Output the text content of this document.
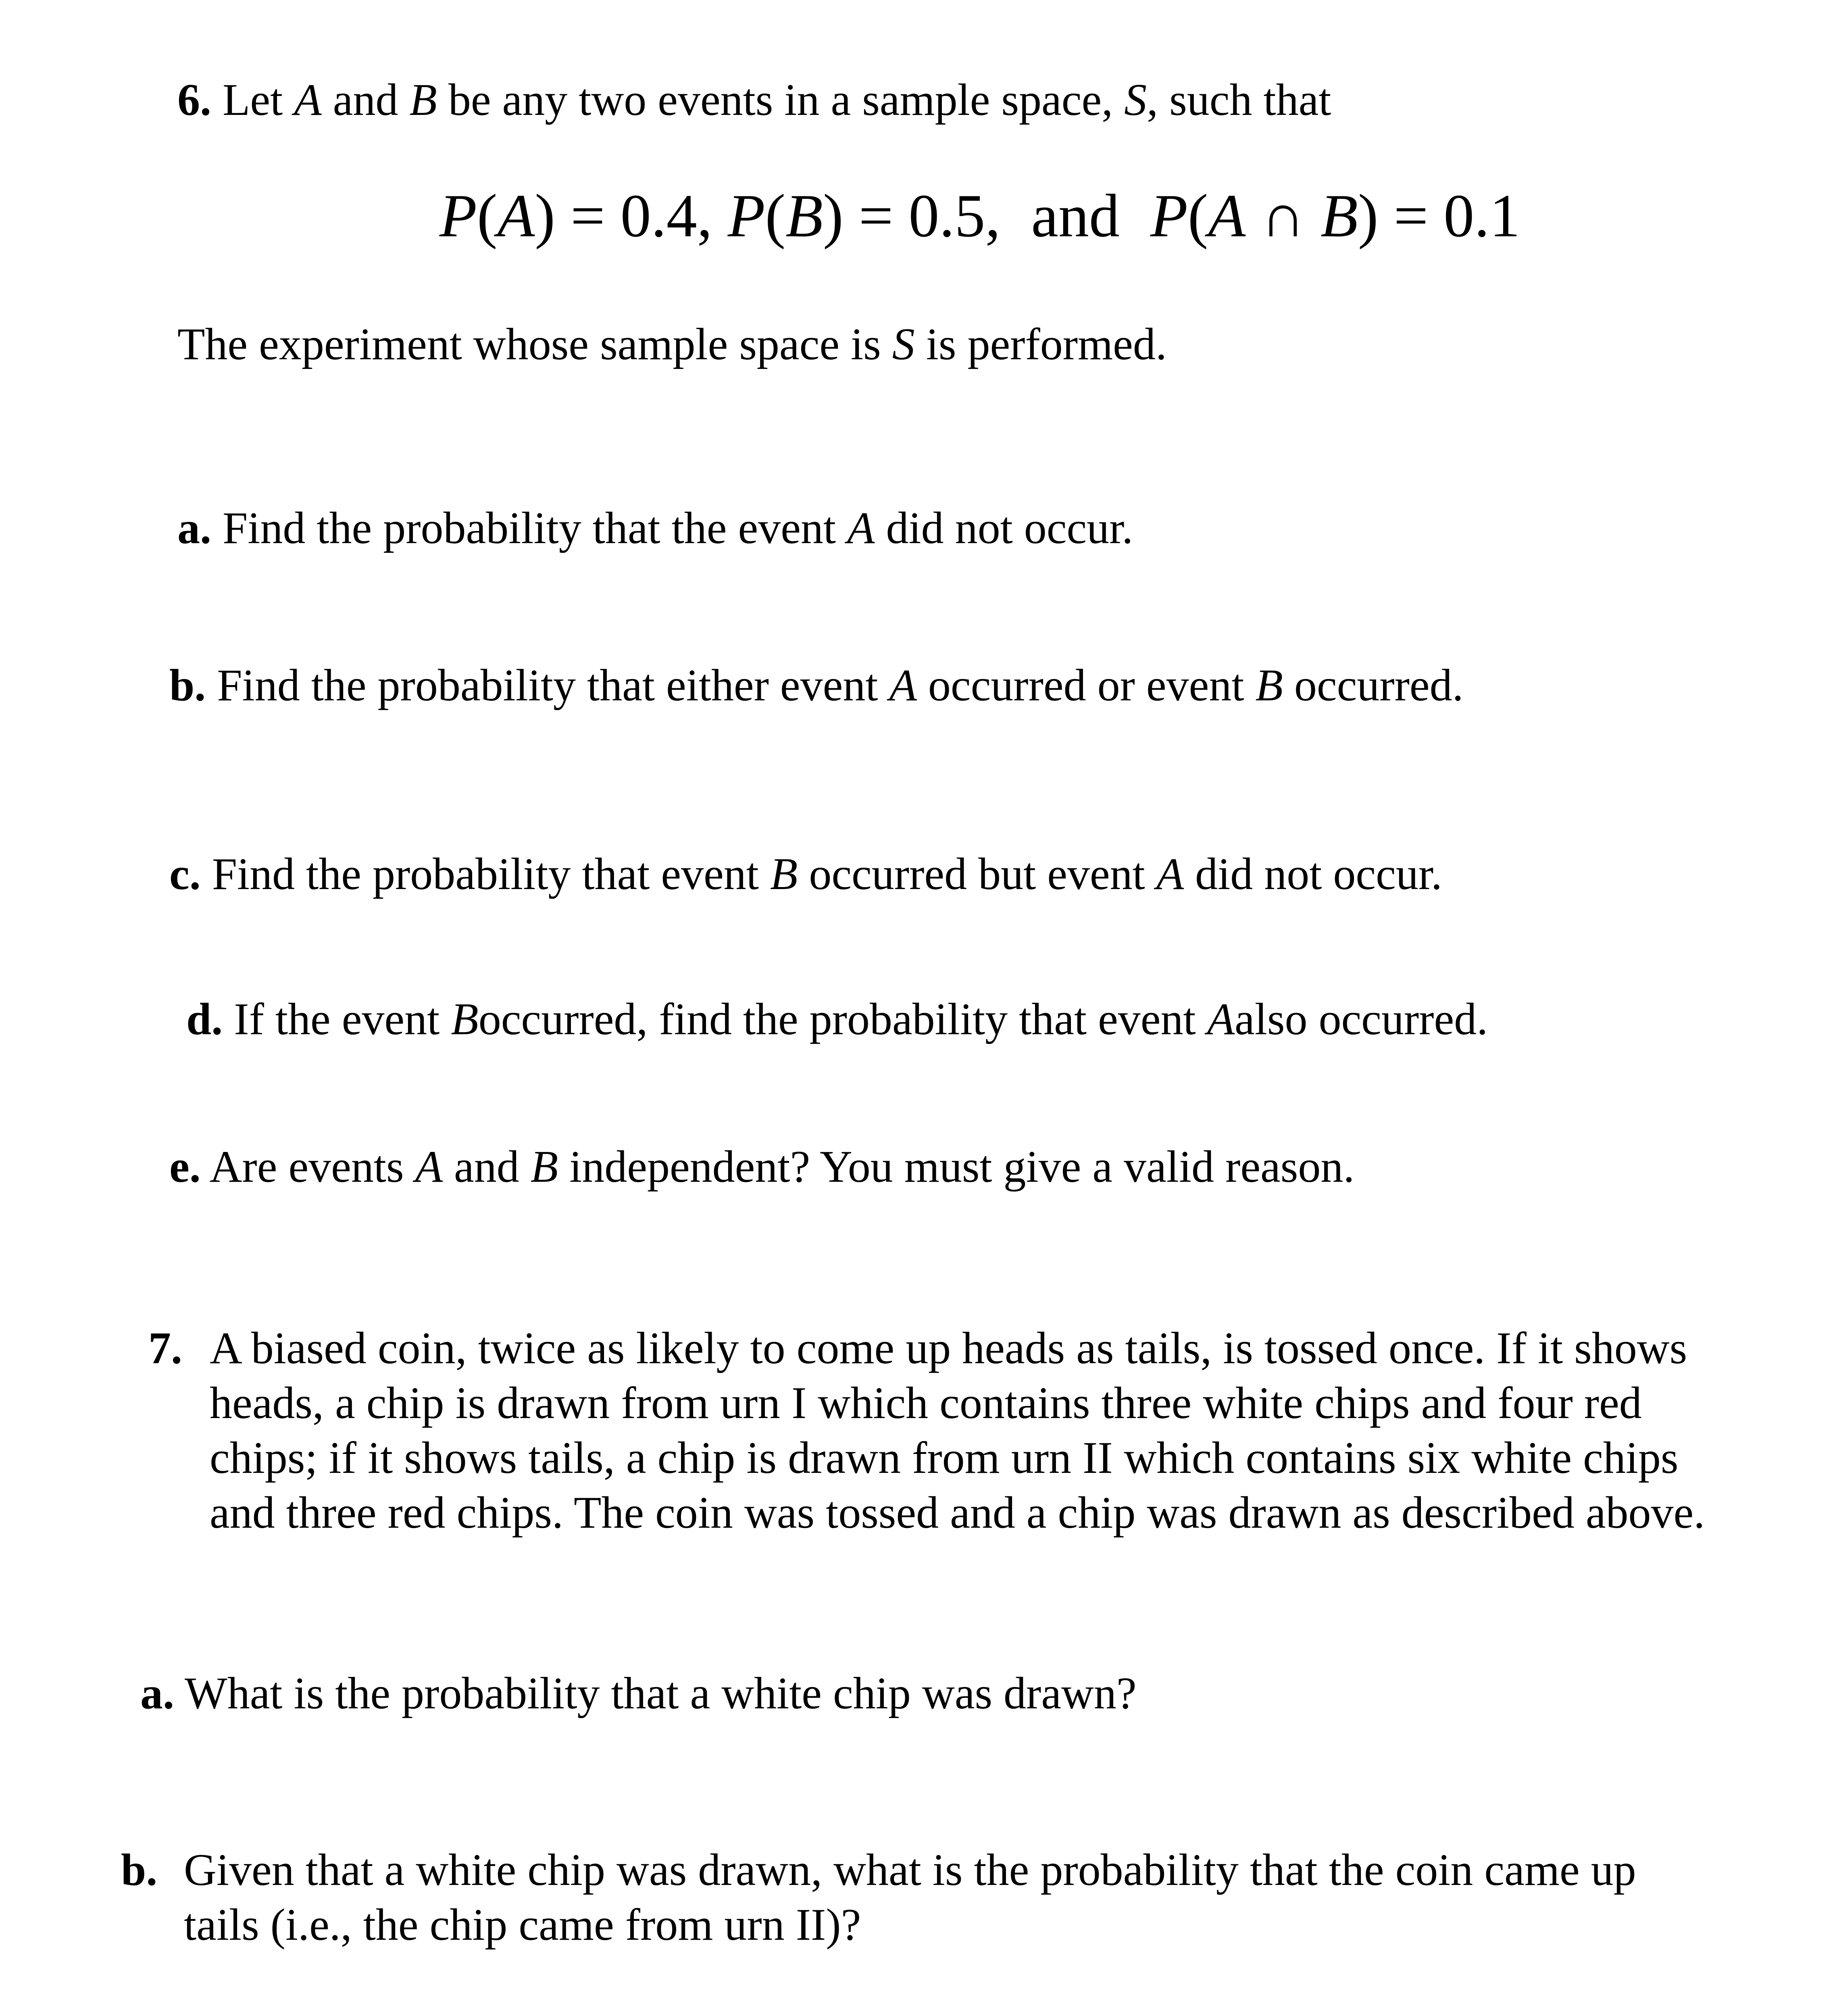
6. Let A and B be any two events in a sample space, S, such that
P(A) = 0.4, P(B) = 0.5,  and P(A ∩ B) = 0.1
The experiment whose sample space is S is performed.
a. Find the probability that the event A did not occur.
b. Find the probability that either event A occurred or event B occurred.
c. Find the probability that event B occurred but event A did not occur.
d. If the event Boccurred, find the probability that event Aalso occurred.
e. Are events A and B independent? You must give a valid reason.
7. A biased coin, twice as likely to come up heads as tails, is tossed once. If it shows
heads, a chip is drawn from urn I which contains three white chips and four red
chips; if it shows tails, a chip is drawn from urn II which contains six white chips
and three red chips. The coin was tossed and a chip was drawn as described above.
a. What is the probability that a white chip was drawn?
b. Given that a white chip was drawn, what is the probability that the coin came up
tails (i.e., the chip came from urn II)?
